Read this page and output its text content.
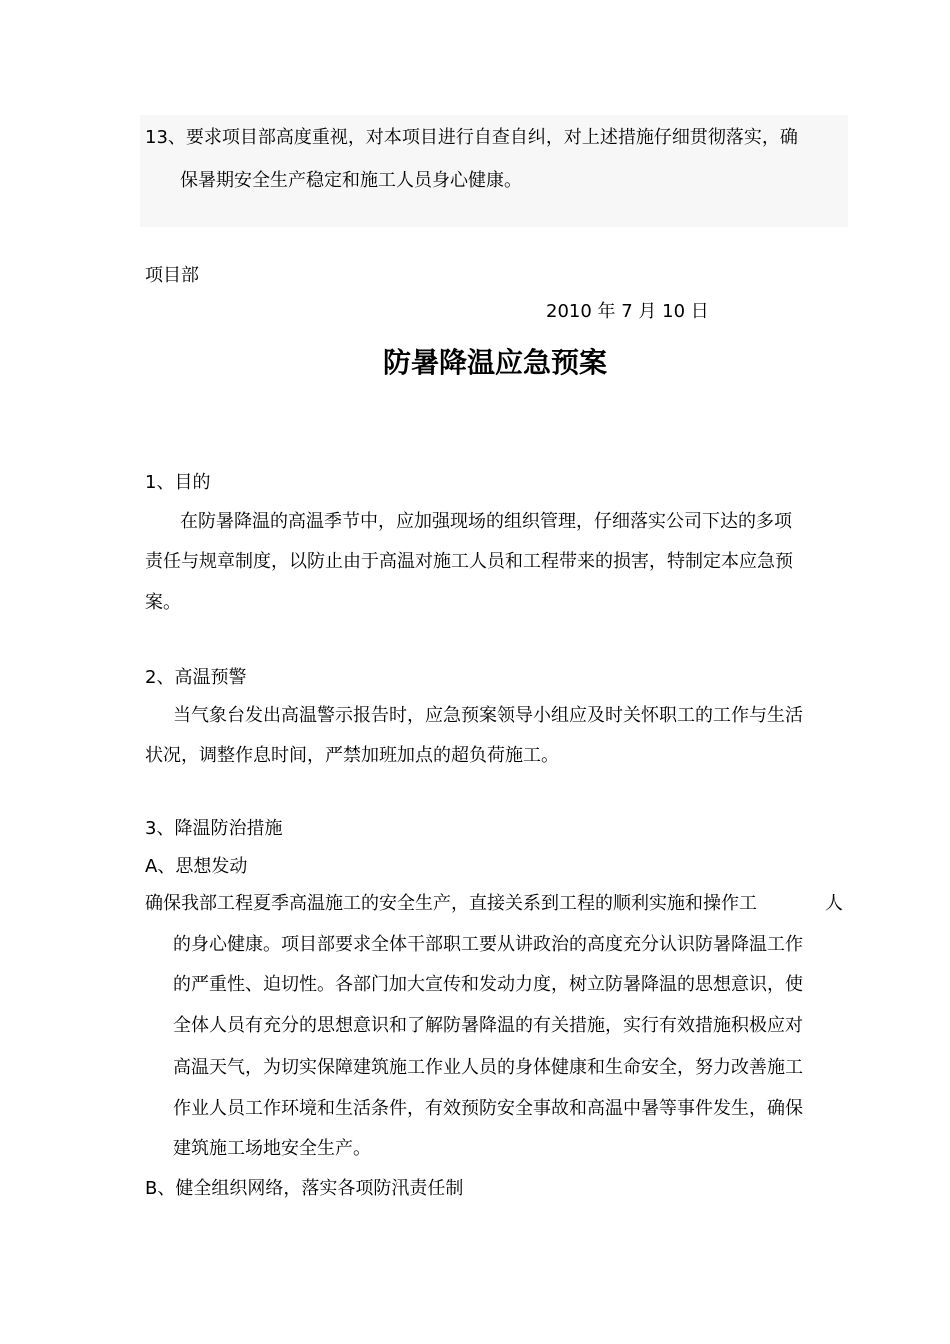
13、要求项目部高度重视，对本项目进行自查自纠，对上述措施仔细贯彻落实，确
保暑期安全生产稳定和施工人员身心健康。
项目部
2010 年 7 月 10 日
防暑降温应急预案
1、目的
在防暑降温的高温季节中，应加强现场的组织管理，仔细落实公司下达的多项
责任与规章制度，以防止由于高温对施工人员和工程带来的损害，特制定本应急预
案。
2、高温预警
当气象台发出高温警示报告时，应急预案领导小组应及时关怀职工的工作与生活
状况，调整作息时间，严禁加班加点的超负荷施工。
3、降温防治措施
A、思想发动
确保我部工程夏季高温施工的安全生产，直接关系到工程的顺利实施和操作工	人
的身心健康。项目部要求全体干部职工要从讲政治的高度充分认识防暑降温工作
的严重性、迫切性。各部门加大宣传和发动力度，树立防暑降温的思想意识，使
全体人员有充分的思想意识和了解防暑降温的有关措施，实行有效措施积极应对
高温天气，为切实保障建筑施工作业人员的身体健康和生命安全，努力改善施工
作业人员工作环境和生活条件，有效预防安全事故和高温中暑等事件发生，确保
建筑施工场地安全生产。
B、健全组织网络，落实各项防汛责任制
